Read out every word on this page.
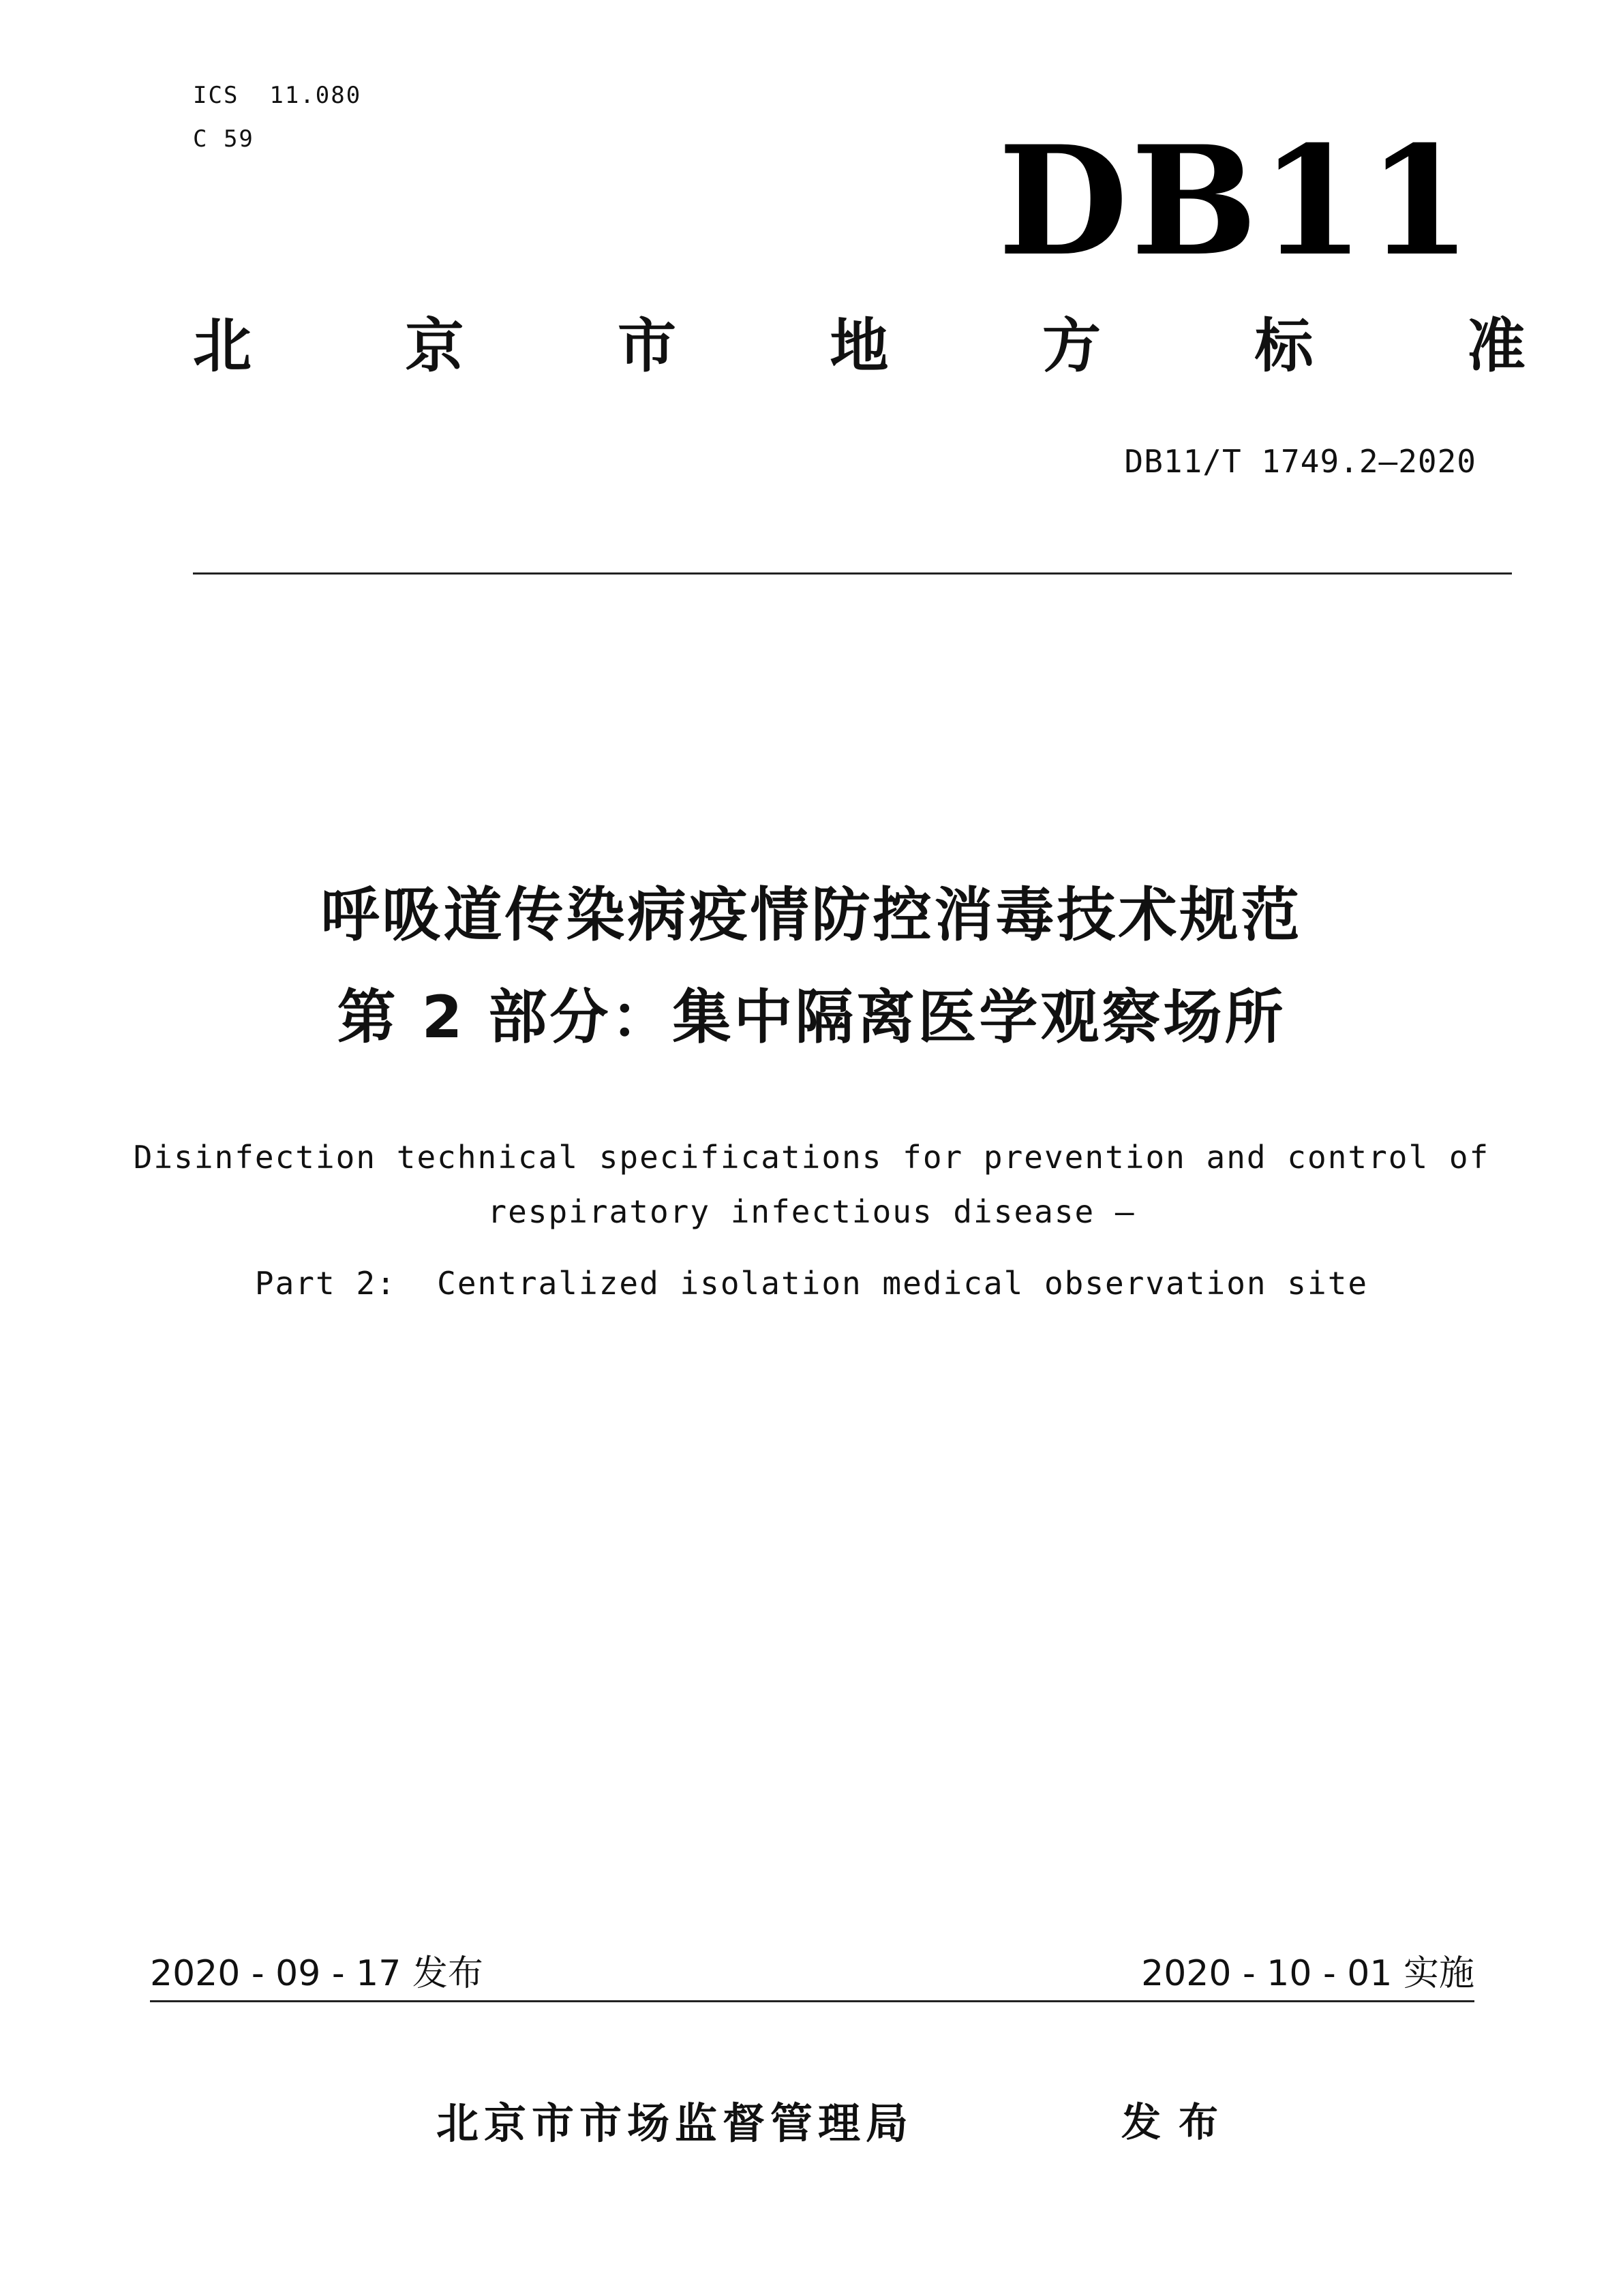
ICS  11.080
C 59	DB11
北	京	市	地	方	标	准
DB11/T 1749.2—2020
呼吸道传染病疫情防控消毒技术规范
第 2 部分：集中隔离医学观察场所
Disinfection technical specifications for prevention and control of
respiratory infectious disease —
Part 2:  Centralized isolation medical observation site
2020 - 09 - 17 发布	2020 - 10 - 01 实施
北京市市场监督管理局	发布
